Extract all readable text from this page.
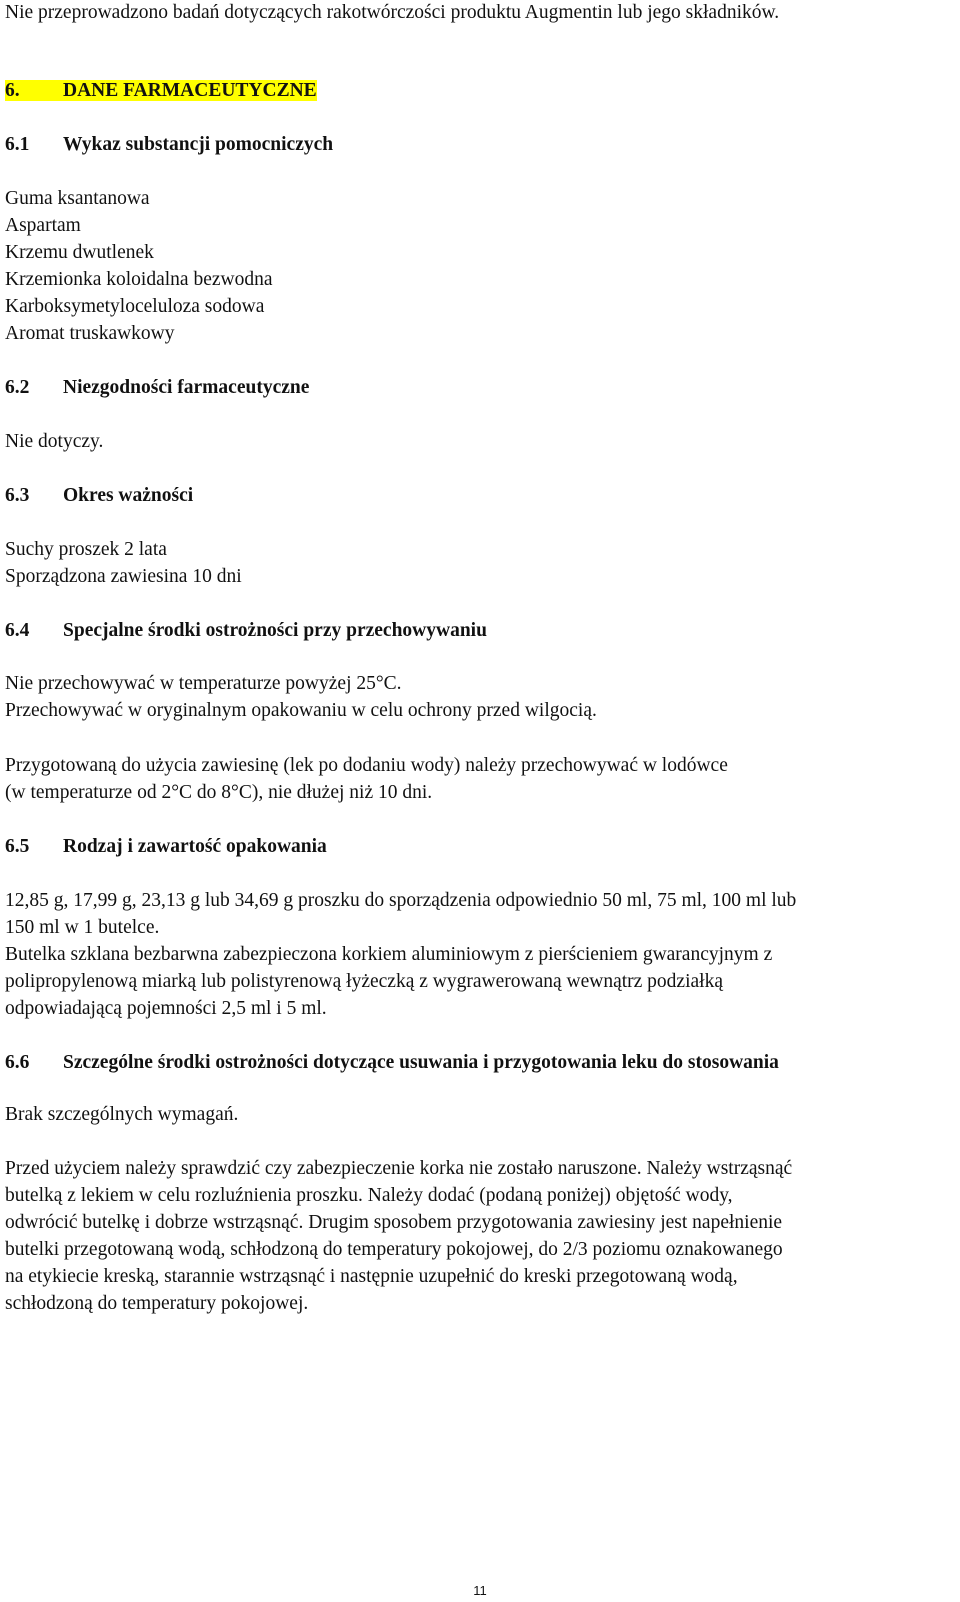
Nie przeprowadzono badań dotyczących rakotwórczości produktu Augmentin lub jego składników.
6. DANE FARMACEUTYCZNE
6.1 Wykaz substancji pomocniczych
Guma ksantanowa
Aspartam
Krzemu dwutlenek
Krzemionka koloidalna bezwodna
Karboksymetyloceluloza sodowa
Aromat truskawkowy
6.2 Niezgodności farmaceutyczne
Nie dotyczy.
6.3 Okres ważności
Suchy proszek 2 lata
Sporządzona zawiesina 10 dni
6.4 Specjalne środki ostrożności przy przechowywaniu
Nie przechowywać w temperaturze powyżej 25°C.
Przechowywać w oryginalnym opakowaniu w celu ochrony przed wilgocią.
Przygotowaną do użycia zawiesinę (lek po dodaniu wody) należy przechowywać w lodówce
(w temperaturze od 2°C do 8°C), nie dłużej niż 10 dni.
6.5 Rodzaj i zawartość opakowania
12,85 g, 17,99 g, 23,13 g lub 34,69 g proszku do sporządzenia odpowiednio 50 ml, 75 ml, 100 ml lub
150 ml w 1 butelce.
Butelka szklana bezbarwna zabezpieczona korkiem aluminiowym z pierścieniem gwarancyjnym z
polipropylenową miarką lub polistyrenową łyżeczką z wygrawerowaną wewnątrz podziałką
odpowiadającą pojemności 2,5 ml i 5 ml.
6.6 Szczególne środki ostrożności dotyczące usuwania i przygotowania leku do stosowania
Brak szczególnych wymagań.
Przed użyciem należy sprawdzić czy zabezpieczenie korka nie zostało naruszone. Należy wstrząsnąć
butelką z lekiem w celu rozluźnienia proszku. Należy dodać (podaną poniżej) objętość wody,
odwrócić butelkę i dobrze wstrząsnąć. Drugim sposobem przygotowania zawiesiny jest napełnienie
butelki przegotowaną wodą, schłodzoną do temperatury pokojowej, do 2/3 poziomu oznakowanego
na etykiecie kreską, starannie wstrząsnąć i następnie uzupełnić do kreski przegotowaną wodą,
schłodzoną do temperatury pokojowej.
11
